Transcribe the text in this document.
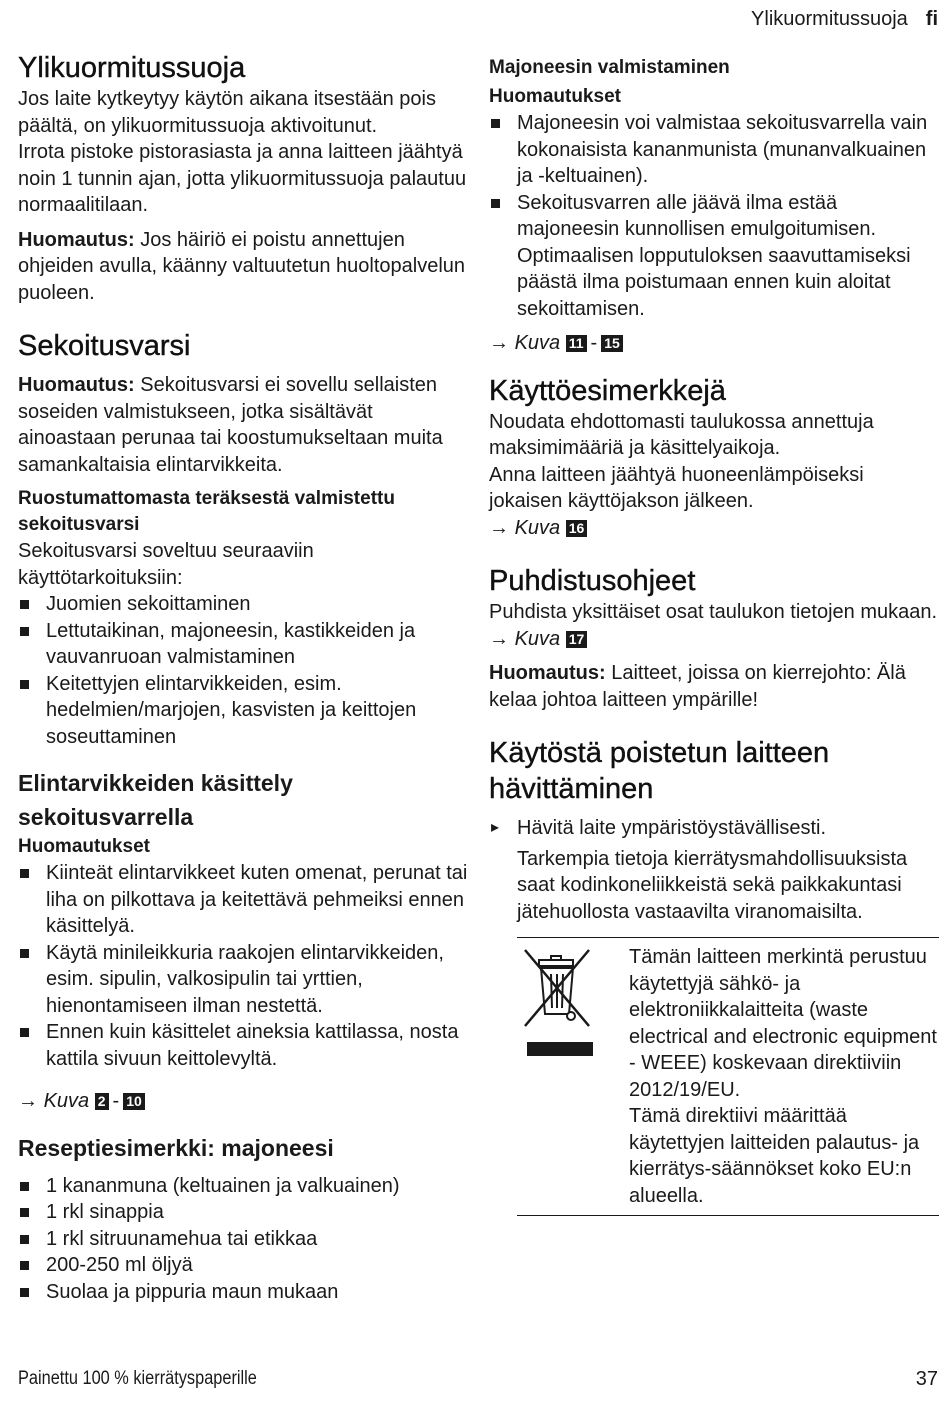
Ylikuormitussuoja fi
Ylikuormitussuoja

Jos laite kytkeytyy käytön aikana itsestään pois päältä, on ylikuormitussuoja aktivoitunut.

Irrota pistoke pistorasiasta ja anna laitteen jäähtyä noin 1 tunnin ajan, jotta ylikuormitussuoja palautuu normaalitilaan.

Huomautus: Jos häiriö ei poistu annettujen ohjeiden avulla, käänny valtuutetun huoltopalvelun puoleen.

Sekoitusvarsi

Huomautus: Sekoitusvarsi ei sovellu sellaisten soseiden valmistukseen, jotka sisältävät ainoastaan perunaa tai koostumukseltaan muita samankaltaisia elintarvikkeita.

Ruostumattomasta teräksestä valmistettu sekoitusvarsi

Sekoitusvarsi soveltuu seuraaviin käyttötarkoituksiin:

Juomien sekoittaminen
Lettutaikinan, majoneesin, kastikkeiden ja vauvanruoan valmistaminen
Keitettyjen elintarvikkeiden, esim. hedelmien/marjojen, kasvisten ja keittojen soseuttaminen
Elintarvikkeiden käsittely sekoitusvarrella
Huomautukset
Kiinteät elintarvikkeet kuten omenat, perunat tai liha on pilkottava ja keitettävä pehmeiksi ennen käsittelyä.
Käytä minileikkuria raakojen elintarvikkeiden, esim. sipulin, valkosipulin tai yrttien, hienontamiseen ilman nestettä.
Ennen kuin käsittelet aineksia kattilassa, nosta kattila sivuun keittolevyltä.
→ Kuva 2 - 10
Reseptiesimerkki: majoneesi
1 kananmuna (keltuainen ja valkuainen)
1 rkl sinappia
1 rkl sitruunamehua tai etikkaa
200-250 ml öljyä
Suolaa ja pippuria maun mukaan
Majoneesin valmistaminen
Huomautukset
Majoneesin voi valmistaa sekoitusvarrella vain kokonaisista kananmunista (munanvalkuainen ja -keltuainen).
Sekoitusvarren alle jäävä ilma estää majoneesin kunnollisen emulgoitumisen. Optimaalisen lopputuloksen saavuttamiseksi päästä ilma poistumaan ennen kuin aloitat sekoittamisen.
→ Kuva 11 - 15
Käyttöesimerkkejä

Noudata ehdottomasti taulukossa annettuja maksimimääriä ja käsittelyaikoja.

Anna laitteen jäähtyä huoneenlämpöiseksi jokaisen käyttöjakson jälkeen.

→ Kuva 16
Puhdistusohjeet

Puhdista yksittäiset osat taulukon tietojen mukaan.

→ Kuva 17

Huomautus: Laitteet, joissa on kierrejohto: Älä kelaa johtoa laitteen ympärille!

Käytöstä poistetun laitteen
hävittäminen
▸ Hävitä laite ympäristöystävällisesti.

Tarkempia tietoja kierrätysmahdollisuuksista saat kodinkoneliikkeistä sekä paikkakuntasi jätehuollosta vastaavilta viranomaisilta.

Tämän laitteen merkintä perustuu käytettyjä sähkö- ja elektroniikkalaitteita (waste electrical and electronic equipment - WEEE) koskevaan direktiiviin 2012/19/EU.
Tämä direktiivi määrittää käytettyjen laitteiden palautus- ja kierrätys-säännökset koko EU:n alueella.

Painettu 100 % kierrätyspaperille	37
